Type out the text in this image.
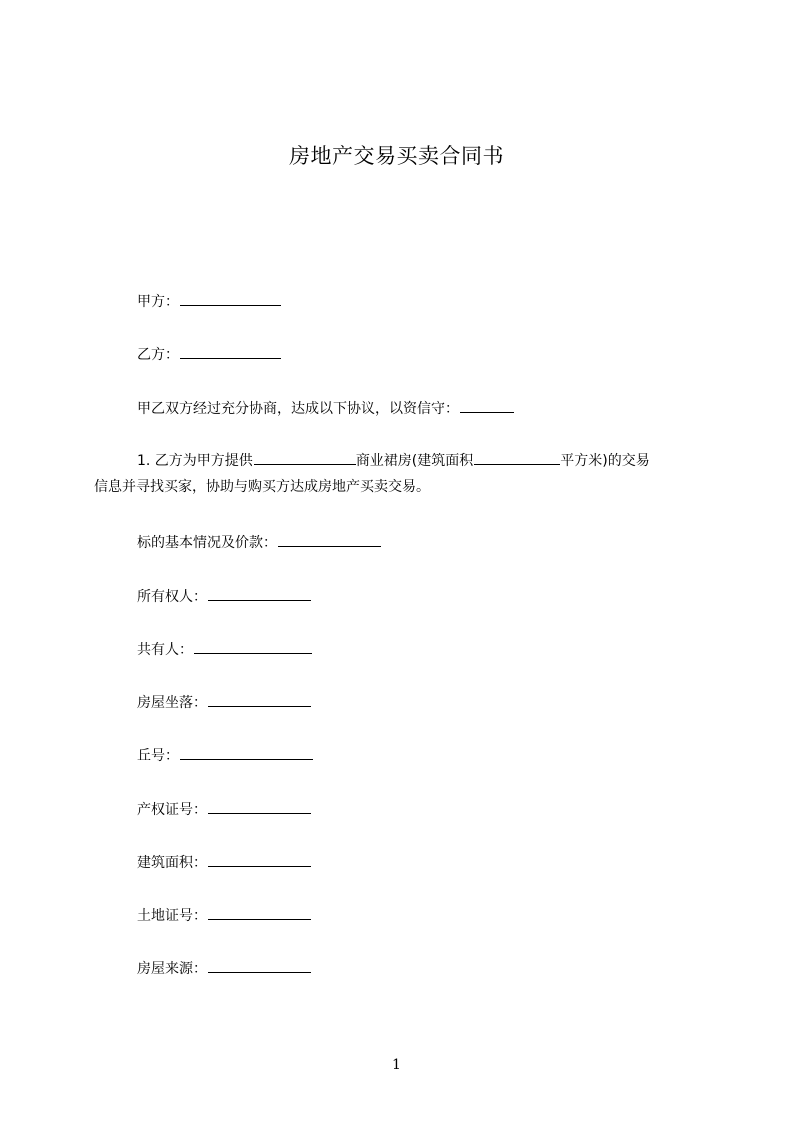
房地产交易买卖合同书
甲方：
乙方：
甲乙双方经过充分协商，达成以下协议，以资信守：
1. 乙方为甲方提供	商业裙房(建筑面积	平方米)的交易
信息并寻找买家，协助与购买方达成房地产买卖交易。
标的基本情况及价款：
所有权人：
共有人：
房屋坐落：
丘号：
产权证号：
建筑面积：
土地证号：
房屋来源：
1
